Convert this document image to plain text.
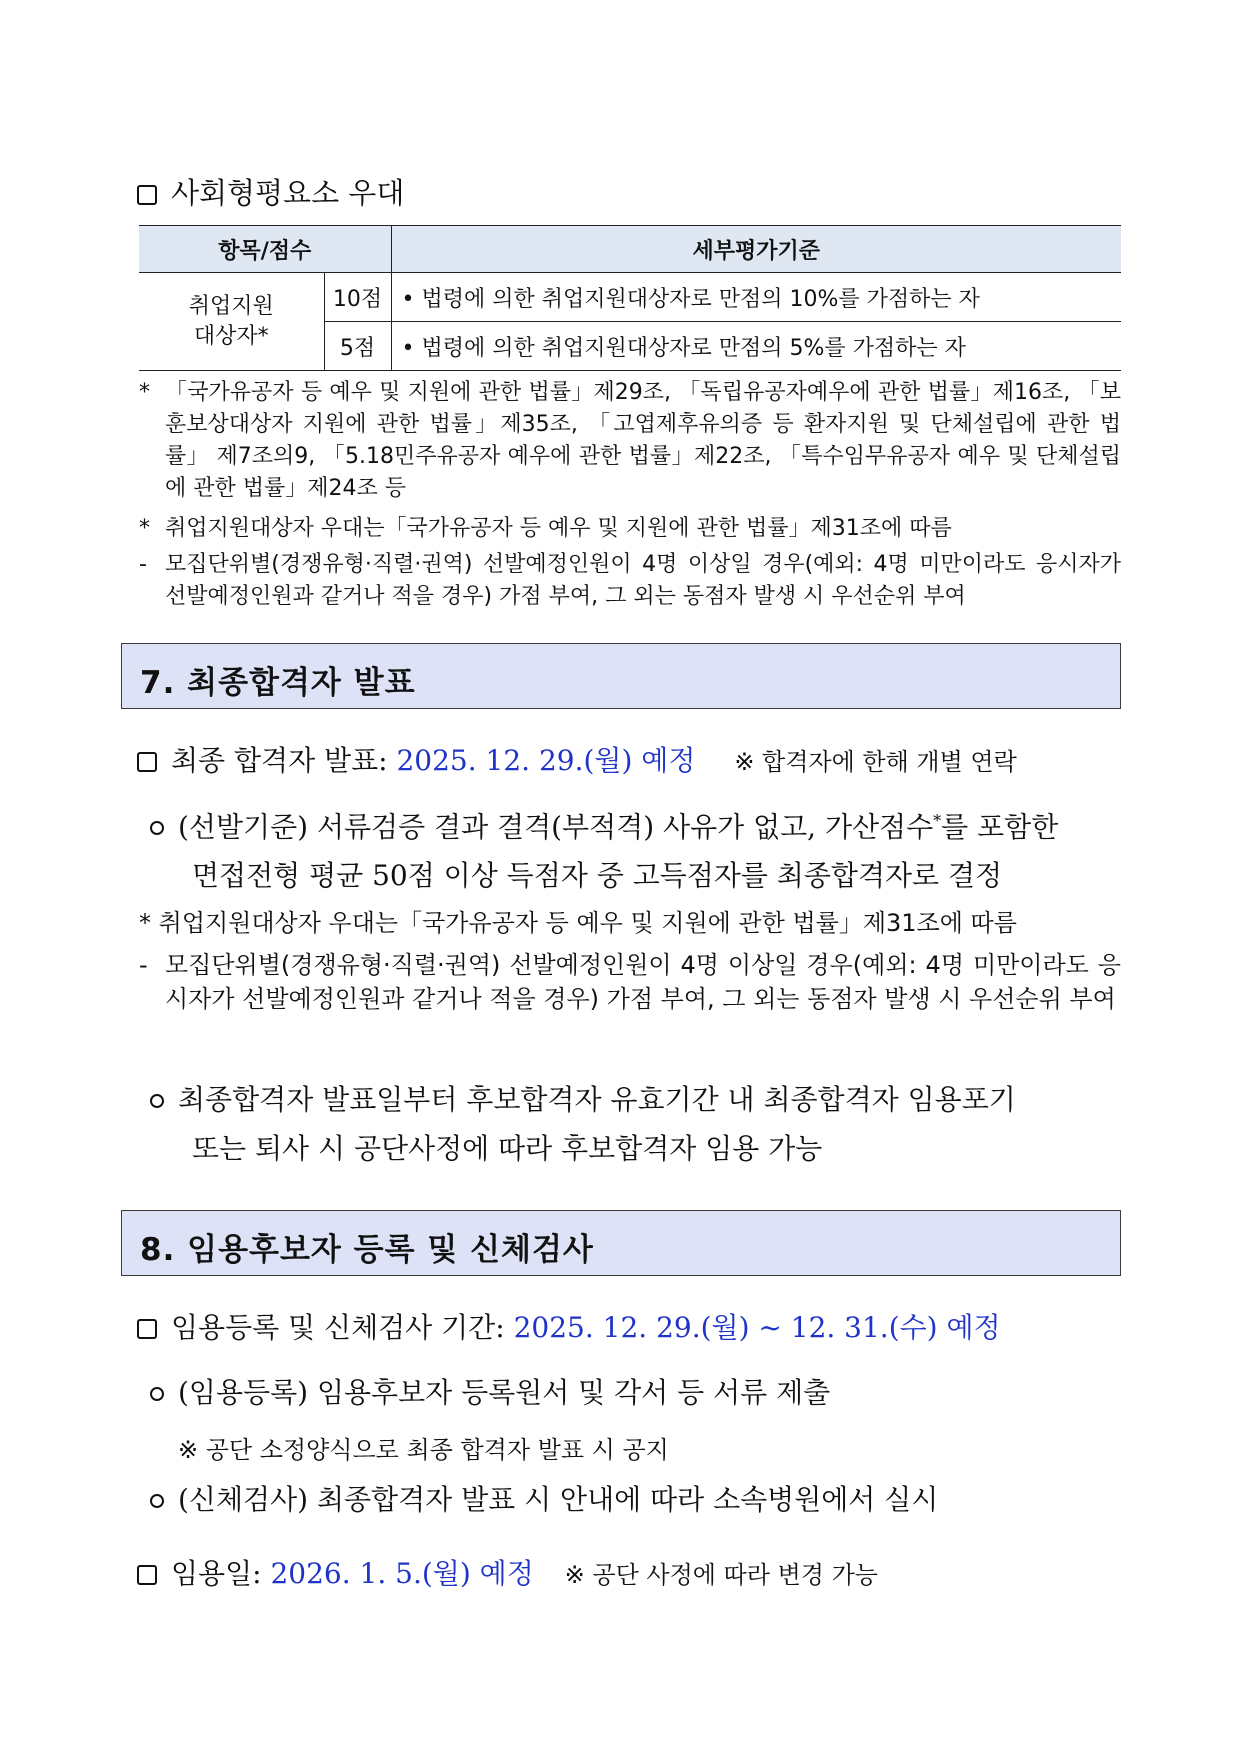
사회형평요소 우대
항목/점수		세부평가기준

취업지원
대상자*	10점	• 법령에 의한 취업지원대상자로 만점의 10%를 가점하는 자
	5점	• 법령에 의한 취업지원대상자로 만점의 5%를 가점하는 자
* 「국가유공자 등 예우 및 지원에 관한 법률」제29조, 「독립유공자예우에 관한 법률」제16조, 「보훈보상대상자 지원에 관한 법률」제35조, 「고엽제후유의증 등 환자지원 및 단체설립에 관한 법률」 제7조의9, 「5.18민주유공자 예우에 관한 법률」제22조, 「특수임무유공자 예우 및 단체설립에 관한 법률」제24조 등
* 취업지원대상자 우대는「국가유공자 등 예우 및 지원에 관한 법률」제31조에 따름
- 모집단위별(경쟁유형·직렬·권역) 선발예정인원이 4명 이상일 경우(예외: 4명 미만이라도 응시자가 선발예정인원과 같거나 적을 경우) 가점 부여, 그 외는 동점자 발생 시 우선순위 부여
7. 최종합격자 발표
최종 합격자 발표: 2025. 12. 29.(월) 예정 ※ 합격자에 한해 개별 연락
(선발기준) 서류검증 결과 결격(부적격) 사유가 없고, 가산점수*를 포함한
면접전형 평균 50점 이상 득점자 중 고득점자를 최종합격자로 결정
* 취업지원대상자 우대는「국가유공자 등 예우 및 지원에 관한 법률」제31조에 따름
- 모집단위별(경쟁유형·직렬·권역) 선발예정인원이 4명 이상일 경우(예외: 4명 미만이라도 응시자가 선발예정인원과 같거나 적을 경우) 가점 부여, 그 외는 동점자 발생 시 우선순위 부여
최종합격자 발표일부터 후보합격자 유효기간 내 최종합격자 임용포기
또는 퇴사 시 공단사정에 따라 후보합격자 임용 가능
8. 임용후보자 등록 및 신체검사
임용등록 및 신체검사 기간: 2025. 12. 29.(월) ~ 12. 31.(수) 예정
(임용등록) 임용후보자 등록원서 및 각서 등 서류 제출
※ 공단 소정양식으로 최종 합격자 발표 시 공지
(신체검사) 최종합격자 발표 시 안내에 따라 소속병원에서 실시
임용일: 2026. 1. 5.(월) 예정 ※ 공단 사정에 따라 변경 가능
